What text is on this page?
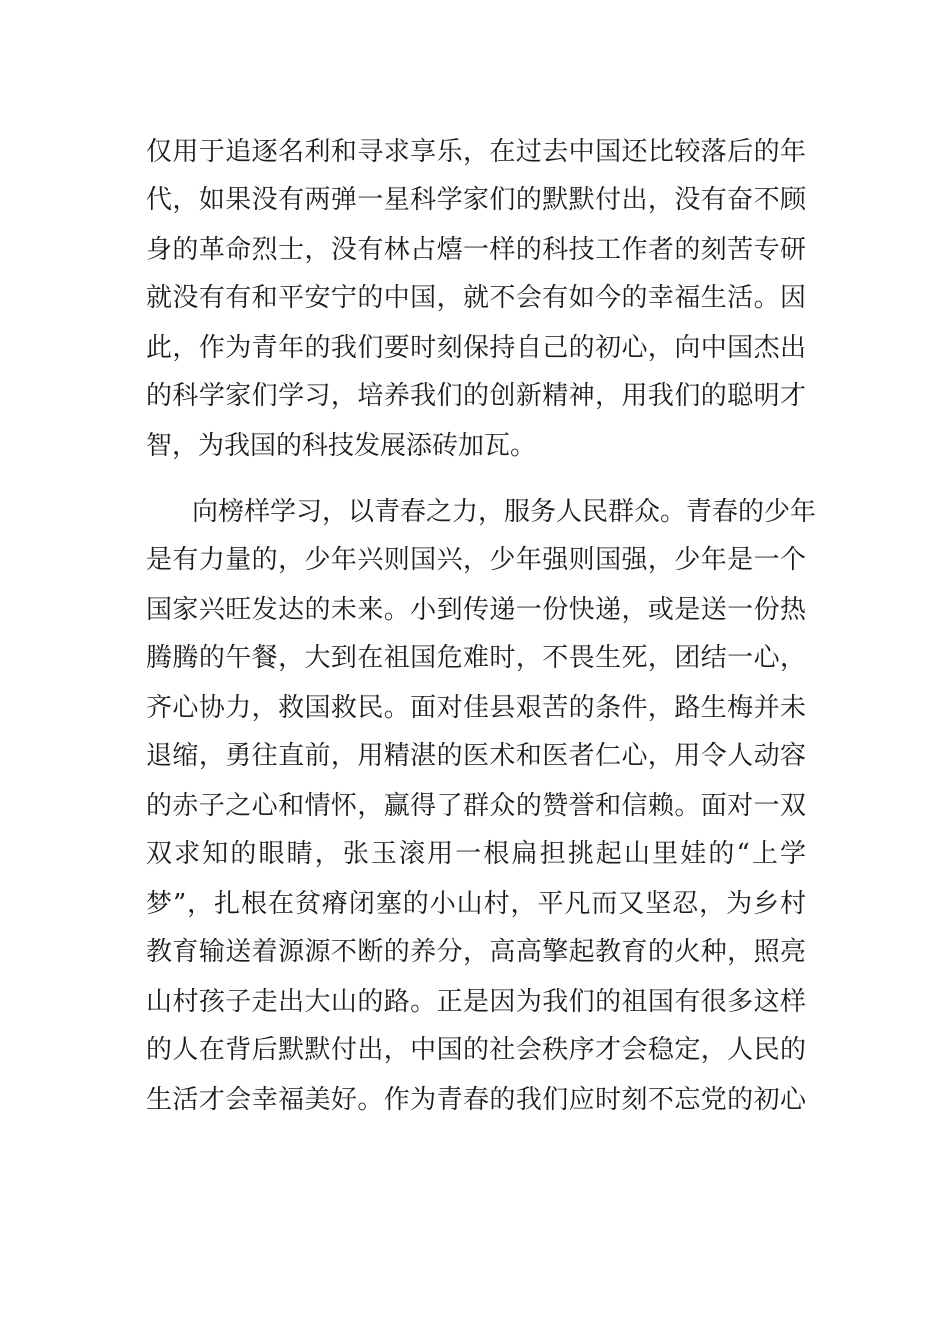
仅用于追逐名利和寻求享乐，在过去中国还比较落后的年
代，如果没有两弹一星科学家们的默默付出，没有奋不顾
身的革命烈士，没有林占熺一样的科技工作者的刻苦专研
就没有有和平安宁的中国，就不会有如今的幸福生活。因
此，作为青年的我们要时刻保持自己的初心，向中国杰出
的科学家们学习，培养我们的创新精神，用我们的聪明才
智，为我国的科技发展添砖加瓦。
向榜样学习，以青春之力，服务人民群众。青春的少年
是有力量的，少年兴则国兴，少年强则国强，少年是一个
国家兴旺发达的未来。小到传递一份快递，或是送一份热
腾腾的午餐，大到在祖国危难时，不畏生死，团结一心，
齐心协力，救国救民。面对佳县艰苦的条件，路生梅并未
退缩，勇往直前，用精湛的医术和医者仁心，用令人动容
的赤子之心和情怀，赢得了群众的赞誉和信赖。面对一双
双求知的眼睛，张玉滚用一根扁担挑起山里娃的“上学
梦”，扎根在贫瘠闭塞的小山村，平凡而又坚忍，为乡村
教育输送着源源不断的养分，高高擎起教育的火种，照亮
山村孩子走出大山的路。正是因为我们的祖国有很多这样
的人在背后默默付出，中国的社会秩序才会稳定，人民的
生活才会幸福美好。作为青春的我们应时刻不忘党的初心
